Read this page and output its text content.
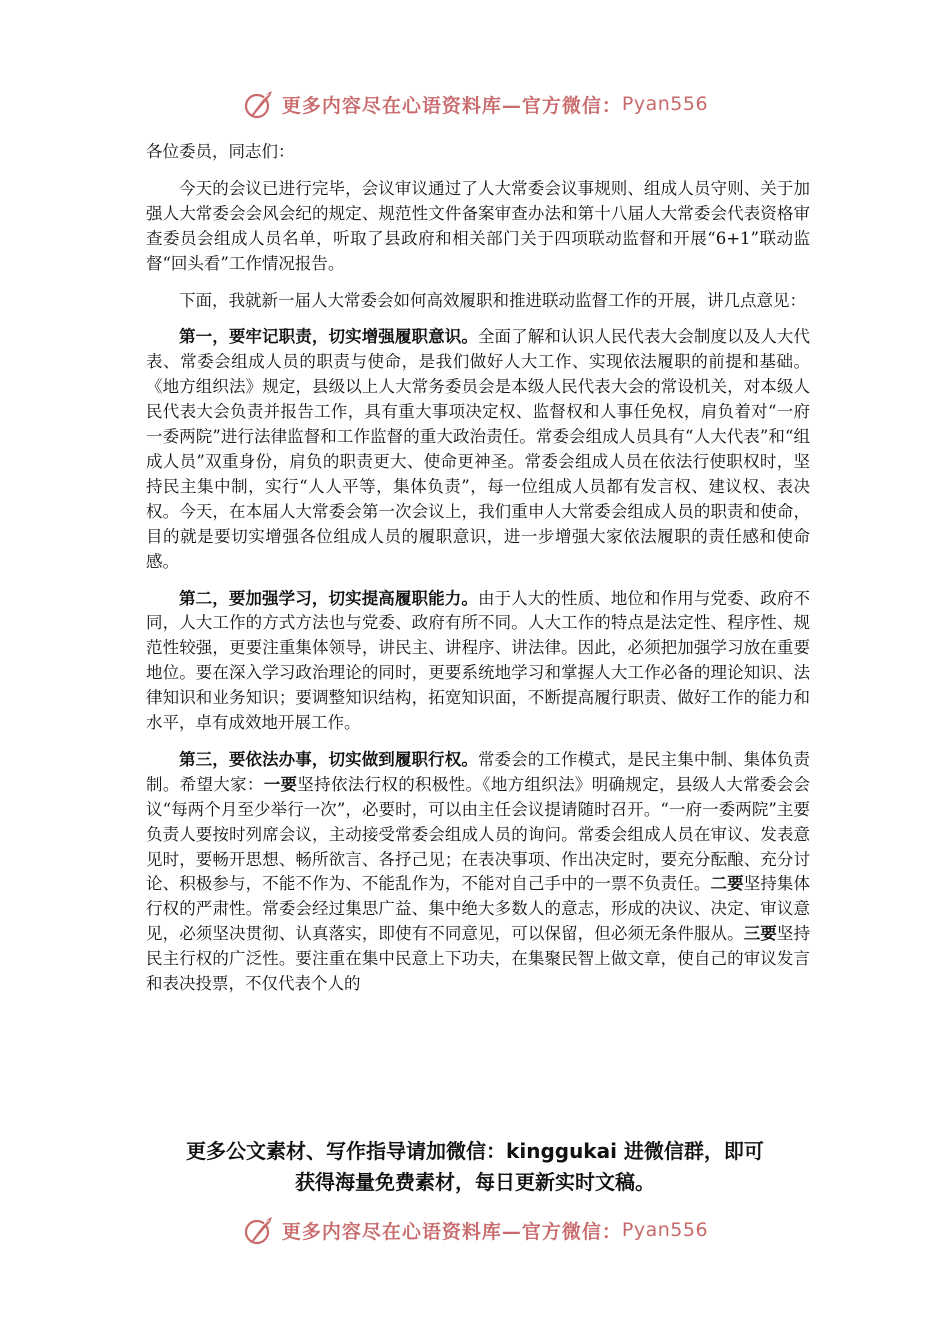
更多内容尽在心语资料库—官方微信： Pyan556

各位委员，同志们：

今天的会议已进行完毕，会议审议通过了人大常委会议事规则、组成人员守则、关于加强人大常委会会风会纪的规定、规范性文件备案审查办法和第十八届人大常委会代表资格审查委员会组成人员名单，听取了县政府和相关部门关于四项联动监督和开展“6+1”联动监督“回头看”工作情况报告。

下面，我就新一届人大常委会如何高效履职和推进联动监督工作的开展，讲几点意见：

第一，要牢记职责，切实增强履职意识。全面了解和认识人民代表大会制度以及人大代表、常委会组成人员的职责与使命，是我们做好人大工作、实现依法履职的前提和基础。《地方组织法》规定，县级以上人大常务委员会是本级人民代表大会的常设机关，对本级人民代表大会负责并报告工作，具有重大事项决定权、监督权和人事任免权，肩负着对“一府一委两院”进行法律监督和工作监督的重大政治责任。常委会组成人员具有“人大代表”和“组成人员”双重身份，肩负的职责更大、使命更神圣。常委会组成人员在依法行使职权时，坚持民主集中制，实行“人人平等，集体负责”，每一位组成人员都有发言权、建议权、表决权。今天，在本届人大常委会第一次会议上，我们重申人大常委会组成人员的职责和使命，目的就是要切实增强各位组成人员的履职意识，进一步增强大家依法履职的责任感和使命感。

第二，要加强学习，切实提高履职能力。由于人大的性质、地位和作用与党委、政府不同，人大工作的方式方法也与党委、政府有所不同。人大工作的特点是法定性、程序性、规范性较强，更要注重集体领导，讲民主、讲程序、讲法律。因此，必须把加强学习放在重要地位。要在深入学习政治理论的同时，更要系统地学习和掌握人大工作必备的理论知识、法律知识和业务知识；要调整知识结构，拓宽知识面，不断提高履行职责、做好工作的能力和水平，卓有成效地开展工作。

第三，要依法办事，切实做到履职行权。常委会的工作模式，是民主集中制、集体负责制。希望大家：一要坚持依法行权的积极性。《地方组织法》明确规定，县级人大常委会会议“每两个月至少举行一次”，必要时，可以由主任会议提请随时召开。“一府一委两院”主要负责人要按时列席会议，主动接受常委会组成人员的询问。常委会组成人员在审议、发表意见时，要畅开思想、畅所欲言、各抒己见；在表决事项、作出决定时，要充分酝酿、充分讨论、积极参与，不能不作为、不能乱作为，不能对自己手中的一票不负责任。二要坚持集体行权的严肃性。常委会经过集思广益、集中绝大多数人的意志，形成的决议、决定、审议意见，必须坚决贯彻、认真落实，即使有不同意见，可以保留，但必须无条件服从。三要坚持民主行权的广泛性。要注重在集中民意上下功夫，在集聚民智上做文章，使自己的审议发言和表决投票，不仅代表个人的

更多公文素材、写作指导请加微信：kinggukai 进微信群，即可
获得海量免费素材，每日更新实时文稿。
更多内容尽在心语资料库—官方微信： Pyan556
